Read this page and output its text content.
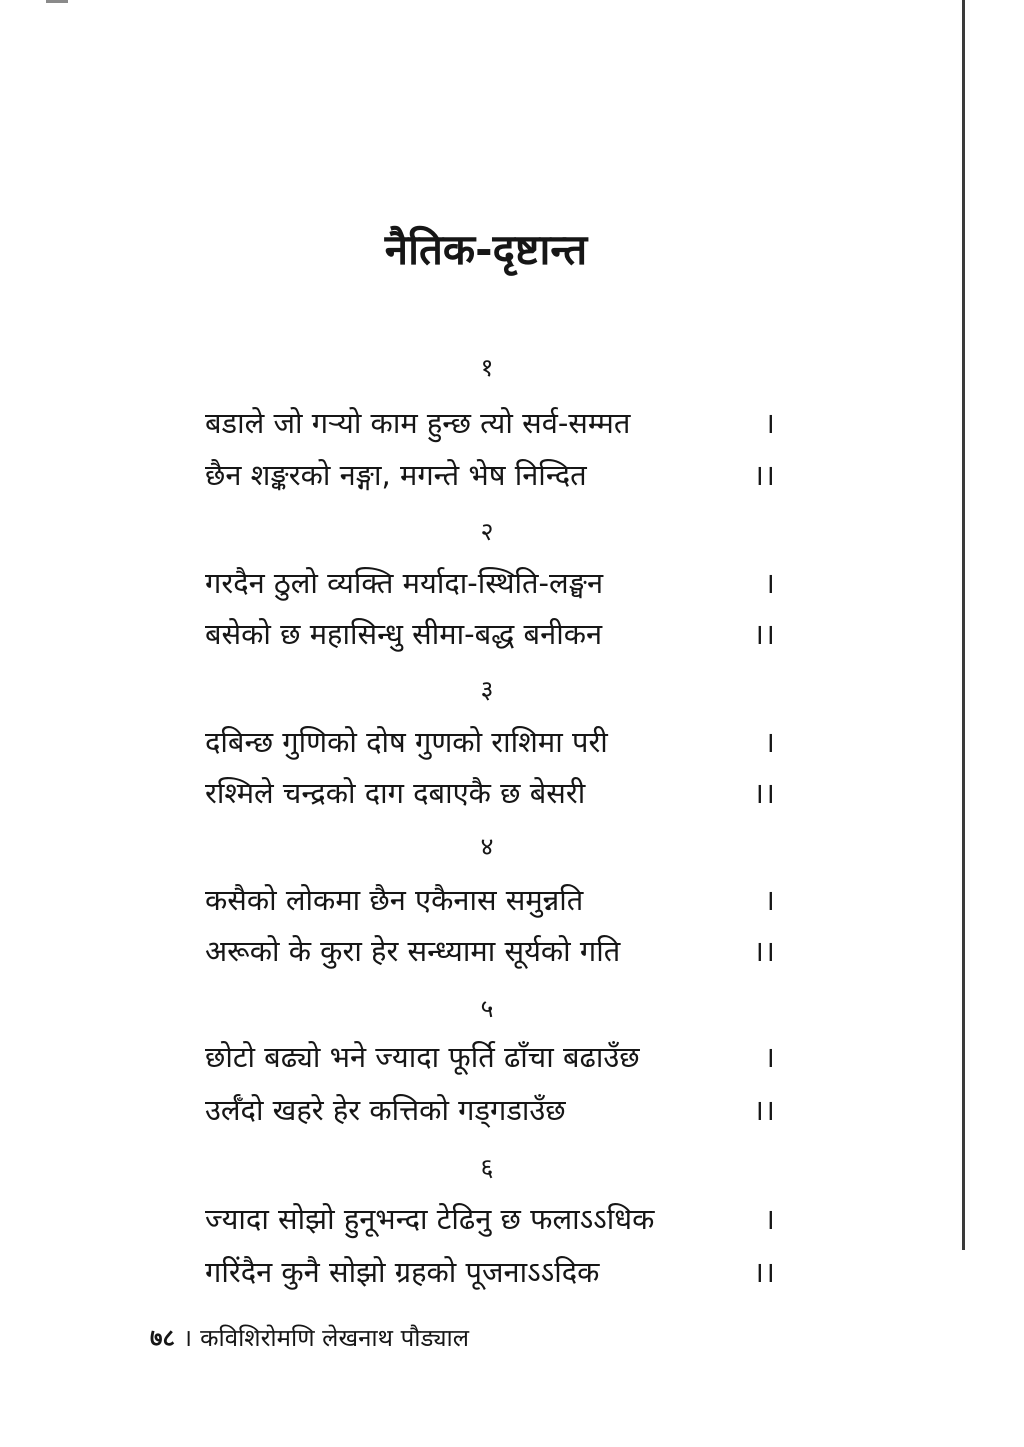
नैतिक-दृष्टान्त
१
बडाले जो गऱ्यो काम हुन्छ त्यो सर्व-सम्मत	।
छैन शङ्करको नङ्गा, मगन्ते भेष निन्दित	।।
२
गरदैन ठुलो व्यक्ति मर्यादा-स्थिति-लङ्घन	।
बसेको छ महासिन्धु सीमा-बद्ध बनीकन	।।
३
दबिन्छ गुणिको दोष गुणको राशिमा परी	।
रश्मिले चन्द्रको दाग दबाएकै छ बेसरी	।।
४
कसैको लोकमा छैन एकैनास समुन्नति	।
अरूको के कुरा हेर सन्ध्यामा सूर्यको गति	।।
५
छोटो बढ्यो भने ज्यादा फूर्ति ढाँचा बढाउँछ	।
उर्लँदो खहरे हेर कत्तिको गड्गडाउँछ	।।
६
ज्यादा सोझो हुनूभन्दा टेढिनु छ फलाऽऽधिक	।
गरिंदैन कुनै सोझो ग्रहको पूजनाऽऽदिक	।।
७८ । कविशिरोमणि लेखनाथ पौड्याल
